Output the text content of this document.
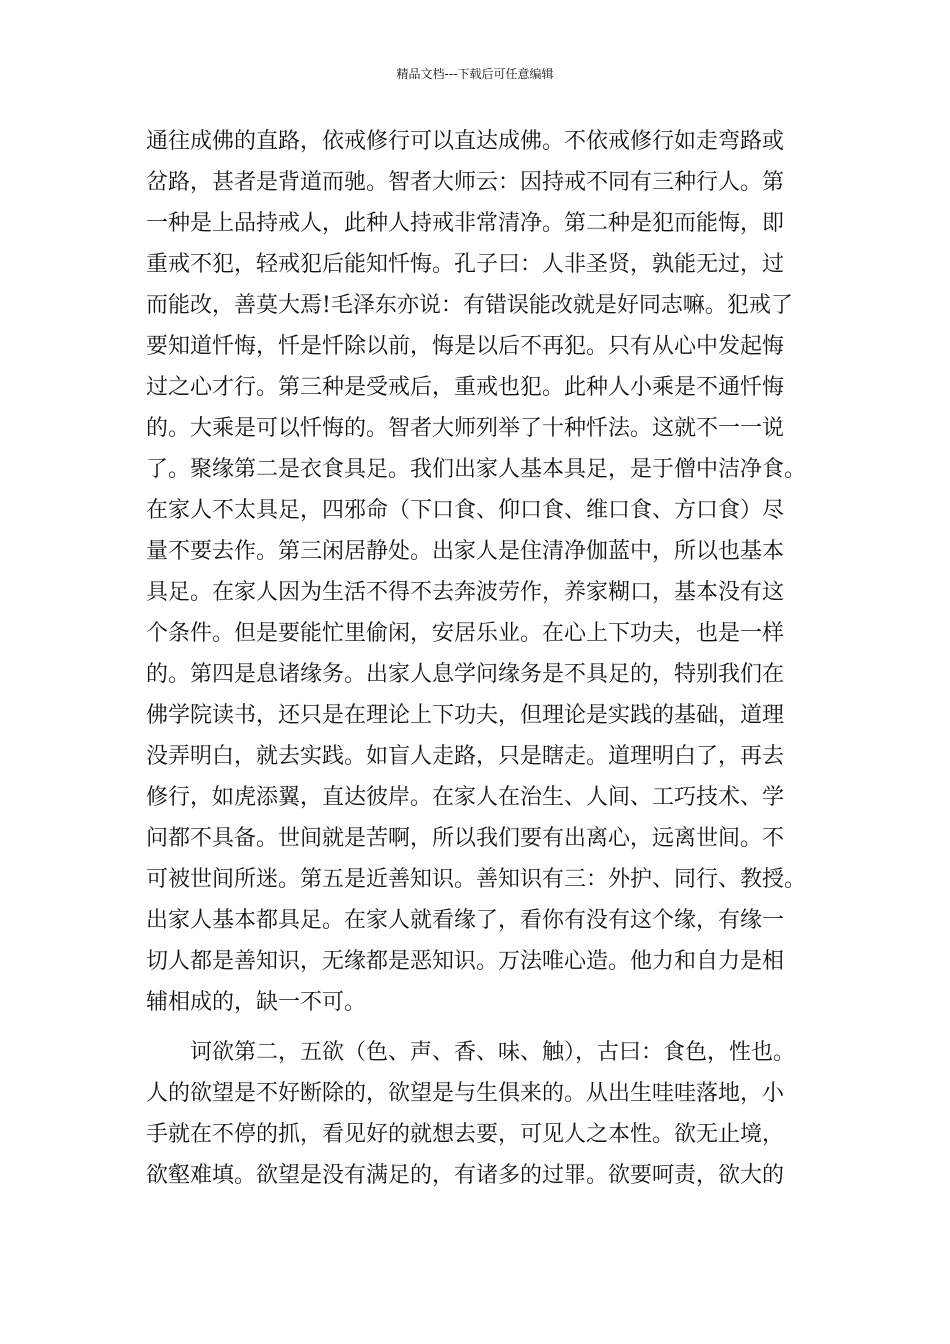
精品文档---下载后可任意编辑
通往成佛的直路，依戒修行可以直达成佛。不依戒修行如走弯路或
岔路，甚者是背道而驰。智者大师云：因持戒不同有三种行人。第
一种是上品持戒人，此种人持戒非常清净。第二种是犯而能悔，即
重戒不犯，轻戒犯后能知忏悔。孔子曰：人非圣贤，孰能无过，过
而能改，善莫大焉!毛泽东亦说：有错误能改就是好同志嘛。犯戒了
要知道忏悔，忏是忏除以前，悔是以后不再犯。只有从心中发起悔
过之心才行。第三种是受戒后，重戒也犯。此种人小乘是不通忏悔
的。大乘是可以忏悔的。智者大师列举了十种忏法。这就不一一说
了。聚缘第二是衣食具足。我们出家人基本具足，是于僧中洁净食。
在家人不太具足，四邪命（下口食、仰口食、维口食、方口食）尽
量不要去作。第三闲居静处。出家人是住清净伽蓝中，所以也基本
具足。在家人因为生活不得不去奔波劳作，养家糊口，基本没有这
个条件。但是要能忙里偷闲，安居乐业。在心上下功夫，也是一样
的。第四是息诸缘务。出家人息学问缘务是不具足的，特别我们在
佛学院读书，还只是在理论上下功夫，但理论是实践的基础，道理
没弄明白，就去实践。如盲人走路，只是瞎走。道理明白了，再去
修行，如虎添翼，直达彼岸。在家人在治生、人间、工巧技术、学
问都不具备。世间就是苦啊，所以我们要有出离心，远离世间。不
可被世间所迷。第五是近善知识。善知识有三：外护、同行、教授。
出家人基本都具足。在家人就看缘了，看你有没有这个缘，有缘一
切人都是善知识，无缘都是恶知识。万法唯心造。他力和自力是相
辅相成的，缺一不可。
　　诃欲第二，五欲（色、声、香、味、触），古曰：食色，性也。
人的欲望是不好断除的，欲望是与生俱来的。从出生哇哇落地，小
手就在不停的抓，看见好的就想去要，可见人之本性。欲无止境，
欲壑难填。欲望是没有满足的，有诸多的过罪。欲要呵责，欲大的
